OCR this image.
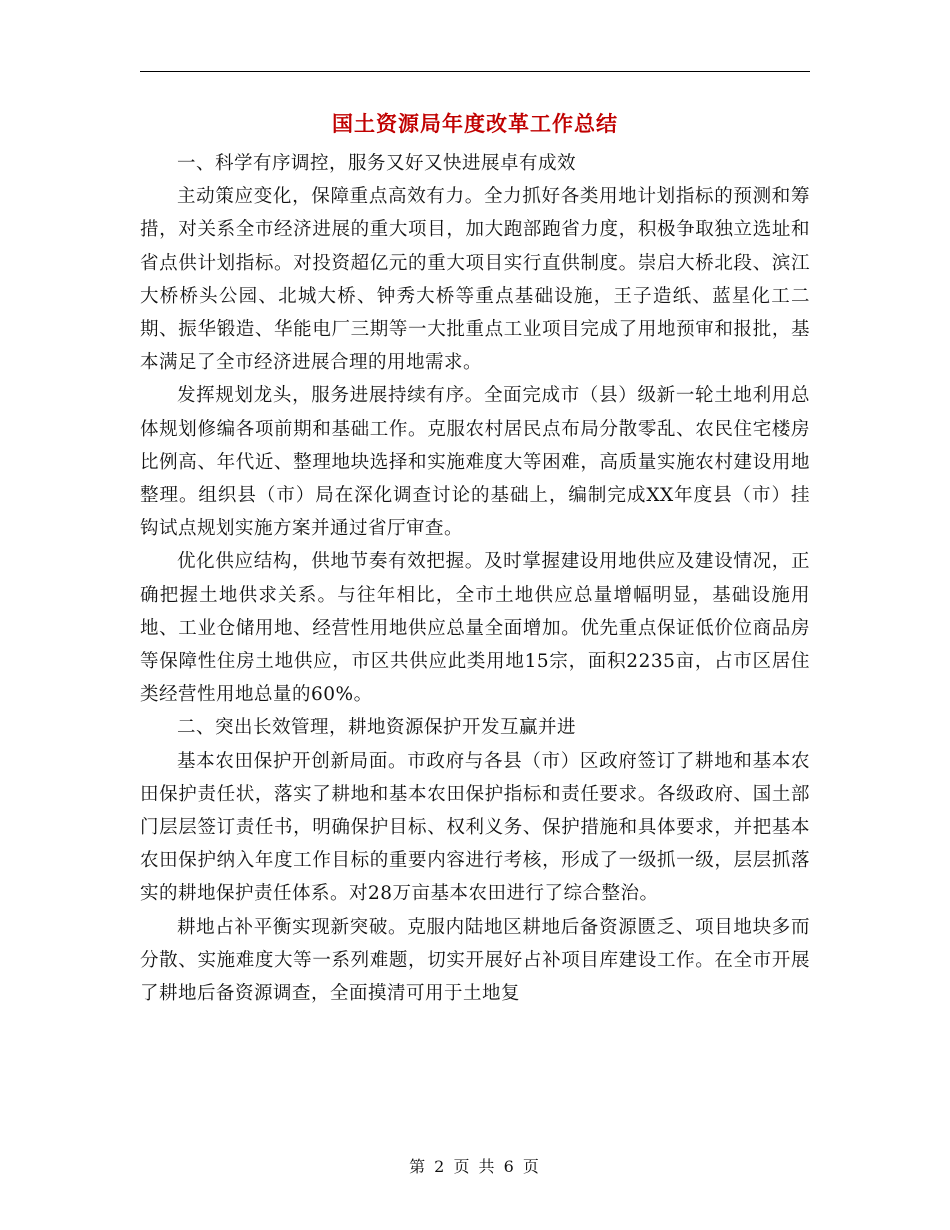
国土资源局年度改革工作总结

一、科学有序调控，服务又好又快进展卓有成效

主动策应变化，保障重点高效有力。全力抓好各类用地计划指标的预测和筹措，对关系全市经济进展的重大项目，加大跑部跑省力度，积极争取独立选址和省点供计划指标。对投资超亿元的重大项目实行直供制度。崇启大桥北段、滨江大桥桥头公园、北城大桥、钟秀大桥等重点基础设施，王子造纸、蓝星化工二期、振华锻造、华能电厂三期等一大批重点工业项目完成了用地预审和报批，基本满足了全市经济进展合理的用地需求。

发挥规划龙头，服务进展持续有序。全面完成市（县）级新一轮土地利用总体规划修编各项前期和基础工作。克服农村居民点布局分散零乱、农民住宅楼房比例高、年代近、整理地块选择和实施难度大等困难，高质量实施农村建设用地整理。组织县（市）局在深化调查讨论的基础上，编制完成XX年度县（市）挂钩试点规划实施方案并通过省厅审查。

优化供应结构，供地节奏有效把握。及时掌握建设用地供应及建设情况，正确把握土地供求关系。与往年相比，全市土地供应总量增幅明显，基础设施用地、工业仓储用地、经营性用地供应总量全面增加。优先重点保证低价位商品房等保障性住房土地供应，市区共供应此类用地15宗，面积2235亩，占市区居住类经营性用地总量的60%。

二、突出长效管理，耕地资源保护开发互赢并进

基本农田保护开创新局面。市政府与各县（市）区政府签订了耕地和基本农田保护责任状，落实了耕地和基本农田保护指标和责任要求。各级政府、国土部门层层签订责任书，明确保护目标、权利义务、保护措施和具体要求，并把基本农田保护纳入年度工作目标的重要内容进行考核，形成了一级抓一级，层层抓落实的耕地保护责任体系。对28万亩基本农田进行了综合整治。

耕地占补平衡实现新突破。克服内陆地区耕地后备资源匮乏、项目地块多而分散、实施难度大等一系列难题，切实开展好占补项目库建设工作。在全市开展了耕地后备资源调查，全面摸清可用于土地复

第 2 页 共 6 页
